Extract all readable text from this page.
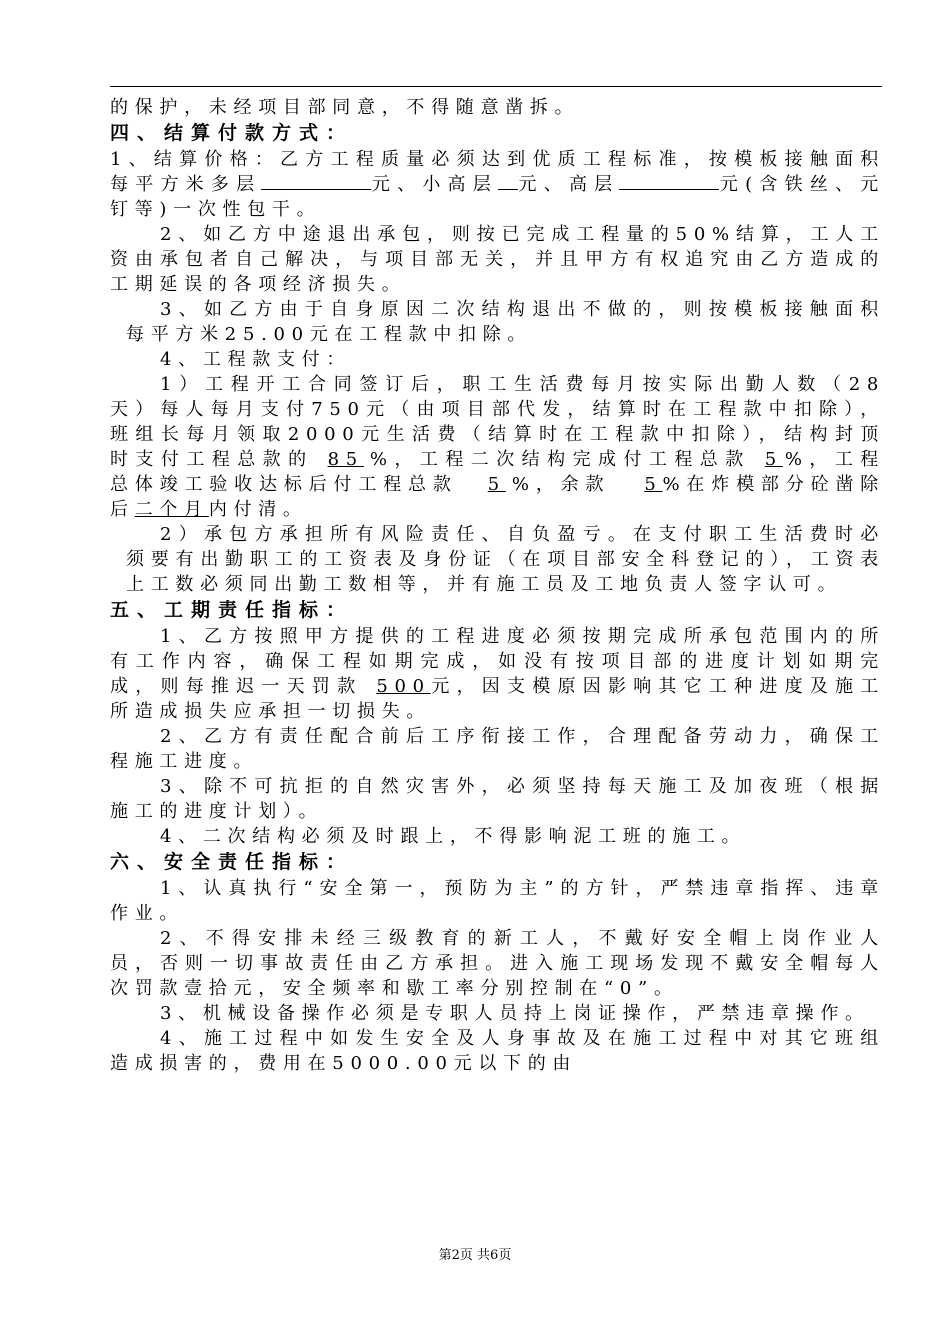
的保护，未经项目部同意，不得随意凿拆。

四、结算付款方式：

1、结算价格：乙方工程质量必须达到优质工程标准，按模板接触面积每平方米多层	元、小高层 元、高层	元(含铁丝、元钉等)一次性包干。

2、如乙方中途退出承包，则按已完成工程量的50%结算，工人工资由承包者自己解决，与项目部无关，并且甲方有权追究由乙方造成的工期延误的各项经济损失。

3、如乙方由于自身原因二次结构退出不做的，则按模板接触面积每平方米25.00元在工程款中扣除。

4、工程款支付：

1）工程开工合同签订后，职工生活费每月按实际出勤人数（28天）每人每月支付750元（由项目部代发，结算时在工程款中扣除），班组长每月领取2000元生活费（结算时在工程款中扣除），结构封顶时支付工程总款的 85 %，工程二次结构完成付工程总款 5 %，工程总体竣工验收达标后付工程总款 5 %，余款 5%在炸模部分砼凿除后二个月内付清。

2）承包方承担所有风险责任、自负盈亏。在支付职工生活费时必须要有出勤职工的工资表及身份证（在项目部安全科登记的），工资表上工数必须同出勤工数相等，并有施工员及工地负责人签字认可。

五、工期责任指标：

1、乙方按照甲方提供的工程进度必须按期完成所承包范围内的所有工作内容，确保工程如期完成，如没有按项目部的进度计划如期完成，则每推迟一天罚款 500元，因支模原因影响其它工种进度及施工所造成损失应承担一切损失。

2、乙方有责任配合前后工序衔接工作，合理配备劳动力，确保工程施工进度。

3、除不可抗拒的自然灾害外，必须坚持每天施工及加夜班（根据施工的进度计划）。

4、二次结构必须及时跟上，不得影响泥工班的施工。

六、安全责任指标：

1、认真执行“安全第一，预防为主”的方针，严禁违章指挥、违章作业。

2、不得安排未经三级教育的新工人，不戴好安全帽上岗作业人员，否则一切事故责任由乙方承担。进入施工现场发现不戴安全帽每人次罚款壹拾元，安全频率和歇工率分别控制在“0”。

3、机械设备操作必须是专职人员持上岗证操作，严禁违章操作。

4、施工过程中如发生安全及人身事故及在施工过程中对其它班组造成损害的，费用在5000.00元以下的由

第2页 共6页
